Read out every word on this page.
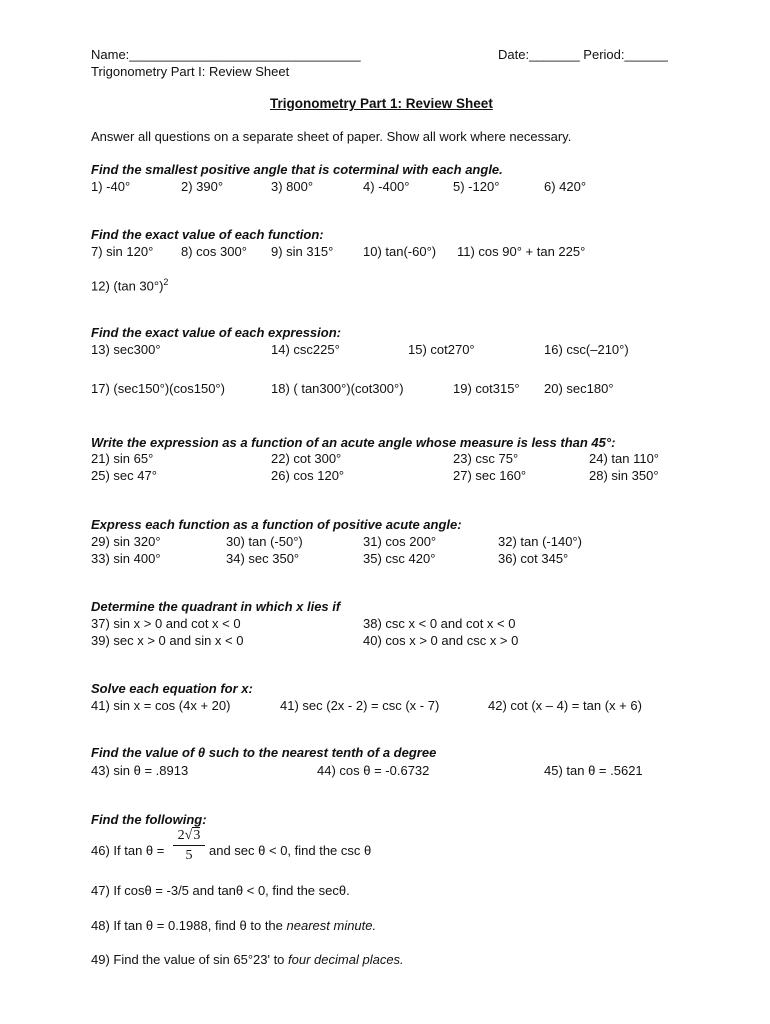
Name:________________________________	Date:_______ Period:______
Trigonometry Part I: Review Sheet
Trigonometry Part 1: Review Sheet
Answer all questions on a separate sheet of paper. Show all work where necessary.
Find the smallest positive angle that is coterminal with each angle.
1) -40°	2) 390°	3) 800°	4) -400°	5) -120°	6) 420°
Find the exact value of each function:
7) sin 120° 8) cos 300° 9) sin 315° 10) tan(-60°) 11) cos 90° + tan 225°
12) (tan 30°)$^2$
Find the exact value of each expression:
13) sec300°	14) csc225°	15) cot270°	16) csc(–210°)
17) (sec150°)(cos150°)	18) ( tan300°)(cot300°)	19) cot315° 20) sec180°
Write the expression as a function of an acute angle whose measure is less than 45°:
21) sin 65°	22) cot 300°	23) csc 75°	24) tan 110°
25) sec 47°	26) cos 120°	27) sec 160°	28) sin 350°
Express each function as a function of positive acute angle:
29) sin 320°	30) tan (-50°)	31) cos 200°	32) tan (-140°)
33) sin 400°	34) sec 350°	35) csc 420°	36) cot 345°
Determine the quadrant in which x lies if
37) sin x > 0 and cot x < 0	38) csc x < 0 and cot x < 0
39) sec x > 0 and sin x < 0	40) cos x > 0 and csc x > 0
Solve each equation for x:
41) sin x = cos (4x + 20)	41) sec (2x - 2) = csc (x - 7)	42) cot (x – 4) = tan (x + 6)
Find the value of θ such to the nearest tenth of a degree
43) sin θ = .8913	44) cos θ = -0.6732	45) tan θ = .5621
Find the following:
46) If tan θ =
2√3
5	and sec θ < 0, find the csc θ
47) If cosθ = -3/5 and tanθ < 0, find the secθ.
48) If tan θ = 0.1988, find θ to the nearest minute.
49) Find the value of sin 65°23' to four decimal places.
